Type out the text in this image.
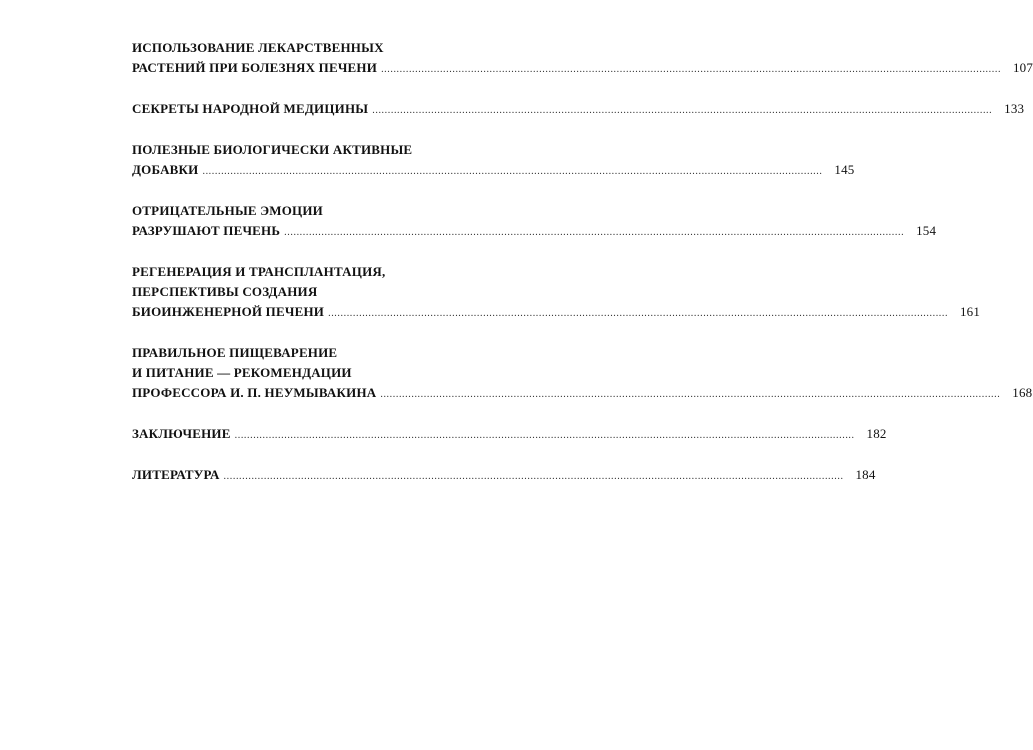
ИСПОЛЬЗОВАНИЕ ЛЕКАРСТВЕННЫХ
РАСТЕНИЙ ПРИ БОЛЕЗНЯХ ПЕЧЕНИ ........................................................................................................................................................................................................ 107
СЕКРЕТЫ НАРОДНОЙ МЕДИЦИНЫ ........................................................................................................................................................................................................ 133
ПОЛЕЗНЫЕ БИОЛОГИЧЕСКИ АКТИВНЫЕ
ДОБАВКИ ........................................................................................................................................................................................................ 145
ОТРИЦАТЕЛЬНЫЕ ЭМОЦИИ
РАЗРУШАЮТ ПЕЧЕНЬ ........................................................................................................................................................................................................ 154
РЕГЕНЕРАЦИЯ И ТРАНСПЛАНТАЦИЯ,
ПЕРСПЕКТИВЫ СОЗДАНИЯ
БИОИНЖЕНЕРНОЙ ПЕЧЕНИ ........................................................................................................................................................................................................ 161
ПРАВИЛЬНОЕ ПИЩЕВАРЕНИЕ
И ПИТАНИЕ — РЕКОМЕНДАЦИИ
ПРОФЕССОРА И. П. НЕУМЫВАКИНА ........................................................................................................................................................................................................ 168
ЗАКЛЮЧЕНИЕ ........................................................................................................................................................................................................ 182
ЛИТЕРАТУРА ........................................................................................................................................................................................................ 184
